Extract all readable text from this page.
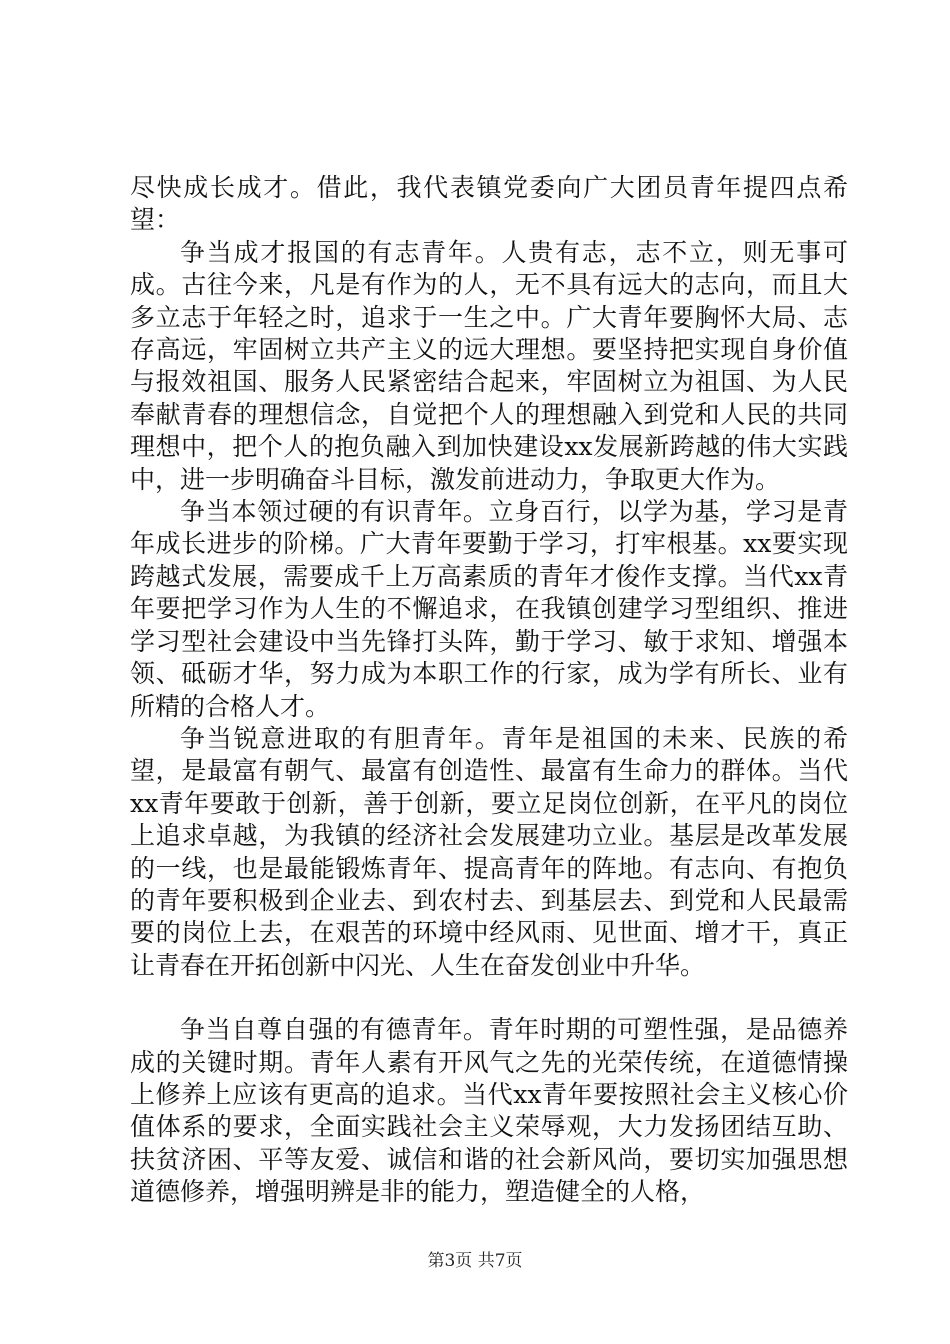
尽快成长成才。借此，我代表镇党委向广大团员青年提四点希望：

争当成才报国的有志青年。人贵有志，志不立，则无事可成。古往今来，凡是有作为的人，无不具有远大的志向，而且大多立志于年轻之时，追求于一生之中。广大青年要胸怀大局、志存高远，牢固树立共产主义的远大理想。要坚持把实现自身价值与报效祖国、服务人民紧密结合起来，牢固树立为祖国、为人民奉献青春的理想信念，自觉把个人的理想融入到党和人民的共同理想中，把个人的抱负融入到加快建设xx发展新跨越的伟大实践中，进一步明确奋斗目标，激发前进动力，争取更大作为。

争当本领过硬的有识青年。立身百行，以学为基，学习是青年成长进步的阶梯。广大青年要勤于学习，打牢根基。xx要实现跨越式发展，需要成千上万高素质的青年才俊作支撑。当代xx青年要把学习作为人生的不懈追求，在我镇创建学习型组织、推进学习型社会建设中当先锋打头阵，勤于学习、敏于求知、增强本领、砥砺才华，努力成为本职工作的行家，成为学有所长、业有所精的合格人才。

争当锐意进取的有胆青年。青年是祖国的未来、民族的希望，是最富有朝气、最富有创造性、最富有生命力的群体。当代xx青年要敢于创新，善于创新，要立足岗位创新，在平凡的岗位上追求卓越，为我镇的经济社会发展建功立业。基层是改革发展的一线，也是最能锻炼青年、提高青年的阵地。有志向、有抱负的青年要积极到企业去、到农村去、到基层去、到党和人民最需要的岗位上去，在艰苦的环境中经风雨、见世面、增才干，真正让青春在开拓创新中闪光、人生在奋发创业中升华。

争当自尊自强的有德青年。青年时期的可塑性强，是品德养成的关键时期。青年人素有开风气之先的光荣传统，在道德情操上修养上应该有更高的追求。当代xx青年要按照社会主义核心价值体系的要求，全面实践社会主义荣辱观，大力发扬团结互助、扶贫济困、平等友爱、诚信和谐的社会新风尚，要切实加强思想道德修养，增强明辨是非的能力，塑造健全的人格，

第3页 共7页
